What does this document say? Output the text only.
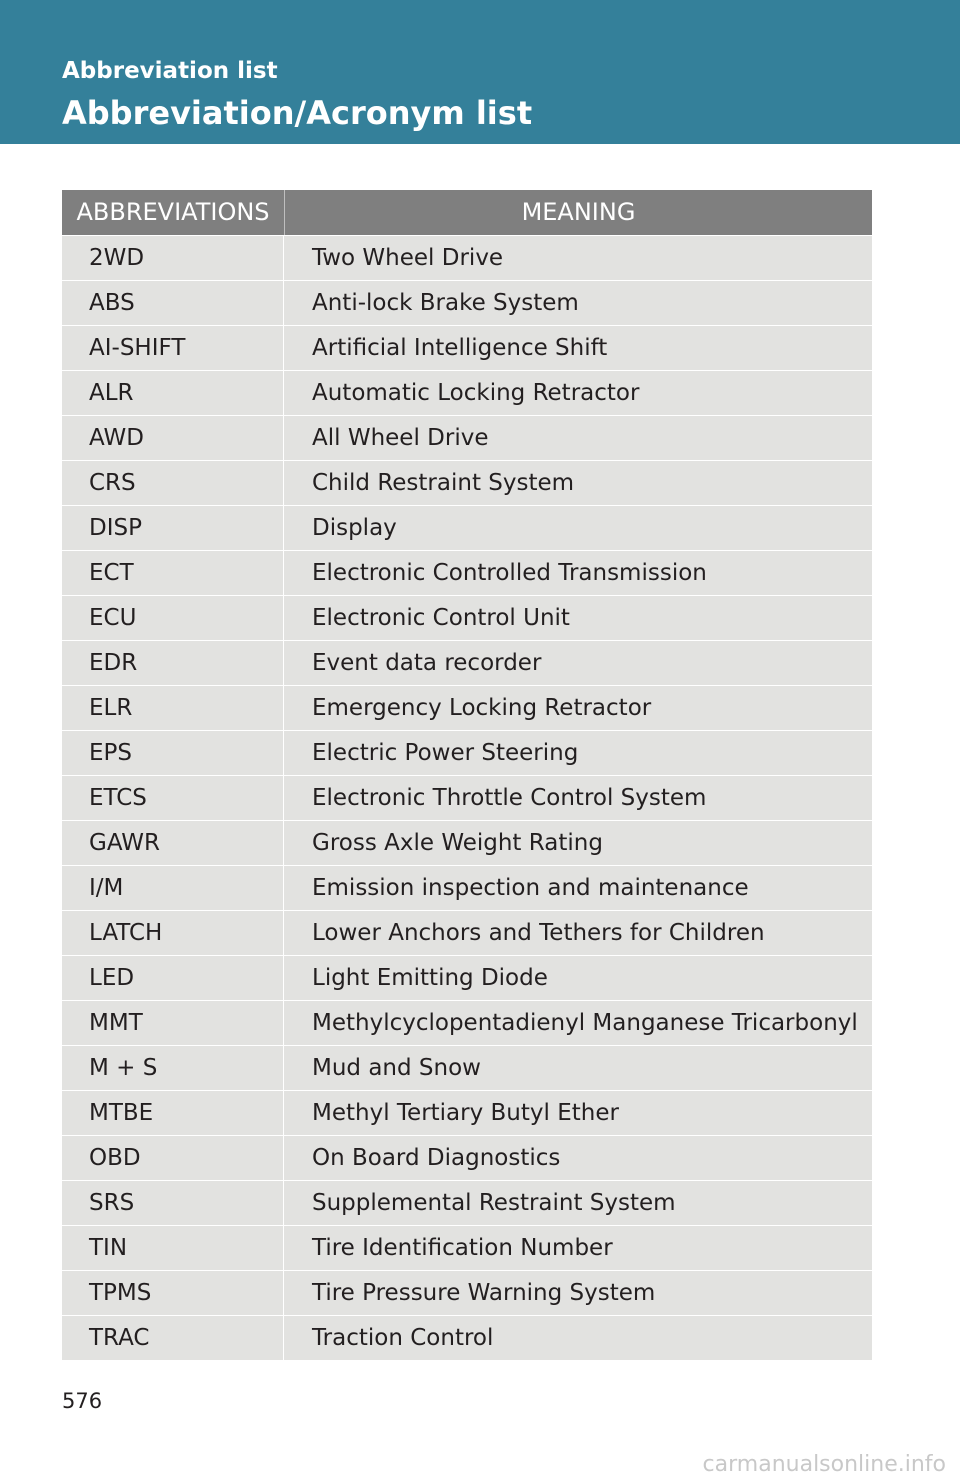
Abbreviation list
Abbreviation/Acronym list
ABBREVIATIONS	MEANING
2WD	Two Wheel Drive
ABS	Anti-lock Brake System
AI-SHIFT	Artificial Intelligence Shift
ALR	Automatic Locking Retractor
AWD	All Wheel Drive
CRS	Child Restraint System
DISP	Display
ECT	Electronic Controlled Transmission
ECU	Electronic Control Unit
EDR	Event data recorder
ELR	Emergency Locking Retractor
EPS	Electric Power Steering
ETCS	Electronic Throttle Control System
GAWR	Gross Axle Weight Rating
I/M	Emission inspection and maintenance
LATCH	Lower Anchors and Tethers for Children
LED	Light Emitting Diode
MMT	Methylcyclopentadienyl Manganese Tricarbonyl
M + S	Mud and Snow
MTBE	Methyl Tertiary Butyl Ether
OBD	On Board Diagnostics
SRS	Supplemental Restraint System
TIN	Tire Identification Number
TPMS	Tire Pressure Warning System
TRAC	Traction Control
576
carmanualsonline.info
